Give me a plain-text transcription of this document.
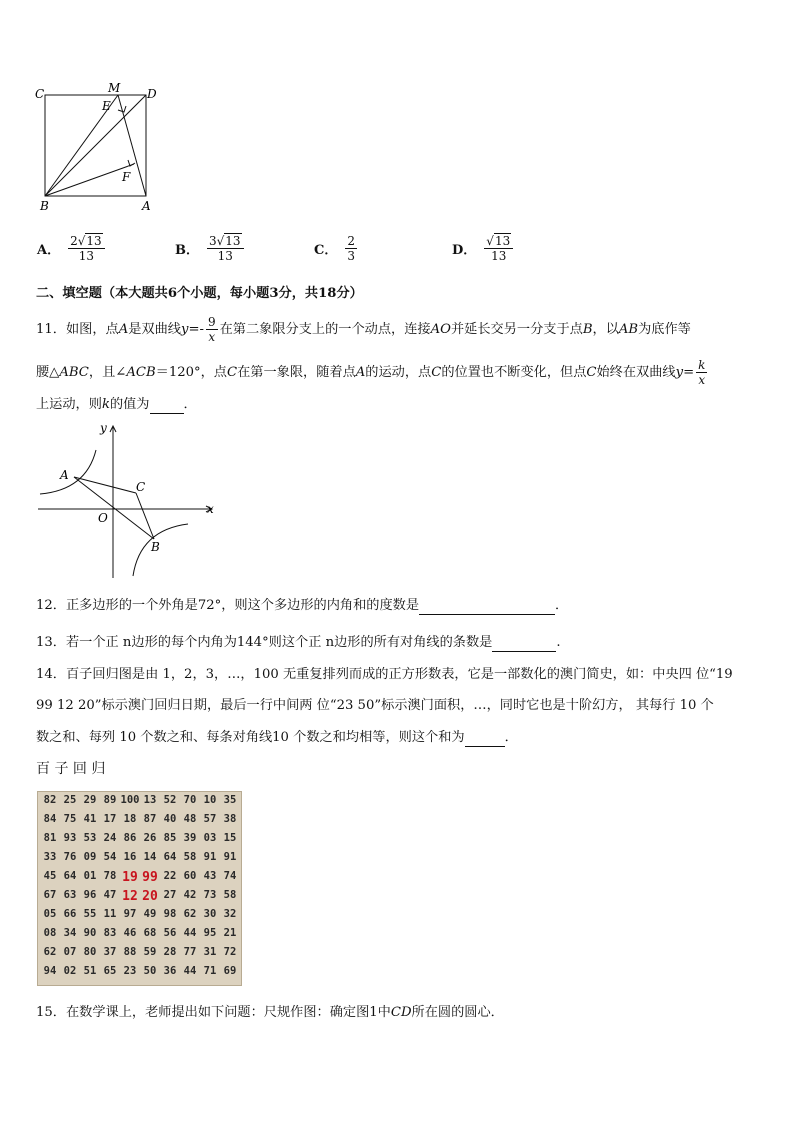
C	M D
E
F
B	A
A． $\frac{2√13}{13}$	B． $\frac{3√13}{13}$	C． $\frac{2}{3}$	D． $\frac{√13}{13}$
二、填空题（本大题共6个小题，每小题3分，共18分）
11．如图，点A是双曲线$y=- \frac{9}{x}$ 在第二象限分支上的一个动点，连接AO并延长交另一分支于点B，以AB为底作等
腰△ABC，且∠ACB＝120°，点C在第一象限，随着点A的运动，点C的位置也不断变化，但点C始终在双曲线$y= \frac{k}{x}$
上运动，则k的值为	．
y
x
O
A
C
B
12．正多边形的一个外角是72°，则这个多边形的内角和的度数是	．
13．若一个正 n边形的每个内角为144°则这个正 n边形的所有对角线的条数是	.
14．百子回归图是由 1，2，3，…，100 无重复排列而成的正方形数表，它是一部数化的澳门简史，如：中央四 位“19
99 12 20”标示澳门回归日期，最后一行中间两 位“23 50”标示澳门面积，…，同时它也是十阶幻方， 其每行 10 个
数之和、每列 10 个数之和、每条对角线10 个数之和均相等，则这个和为	．
百 子 回 归
82 25 29 89 100 13 52 70 10 35
84 75 41 17 18 87 40 48 57 38
81 93 53 24 86 26 85 39 03 15
33 76 09 54 16 14 64 58 91 91
45 64 01 78 19 99 22 60 43 74
67 63 96 47 12 20 27 42 73 58
05 66 55 11 97 49 98 62 30 32
08 34 90 83 46 68 56 44 95 21
62 07 80 37 88 59 28 77 31 72
94 02 51 65 23 50 36 44 71 69
15．在数学课上，老师提出如下问题：尺规作图：确定图1中CD所在圆的圆心．
